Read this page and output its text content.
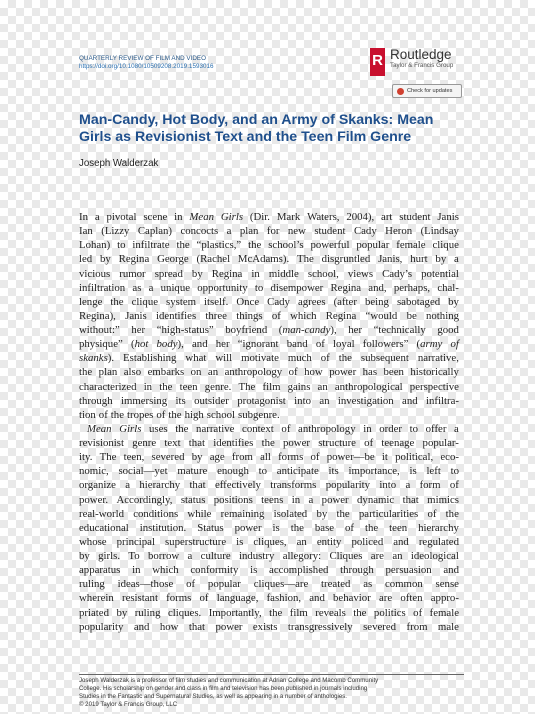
QUARTERLY REVIEW OF FILM AND VIDEO
https://doi.org/10.1080/10509208.2019.1593016	R Routledge
Taylor & Francis Group
Check for updates
Man-Candy, Hot Body, and an Army of Skanks: Mean
Girls as Revisionist Text and the Teen Film Genre
Joseph Walderzak
In a pivotal scene in Mean Girls (Dir. Mark Waters, 2004), art student Janis
Ian (Lizzy Caplan) concocts a plan for new student Cady Heron (Lindsay
Lohan) to infiltrate the “plastics,” the school’s powerful popular female clique
led by Regina George (Rachel McAdams). The disgruntled Janis, hurt by a
vicious rumor spread by Regina in middle school, views Cady’s potential
infiltration as a unique opportunity to disempower Regina and, perhaps, chal-
lenge the clique system itself. Once Cady agrees (after being sabotaged by
Regina), Janis identifies three things of which Regina “would be nothing
without:” her “high-status” boyfriend (man-candy), her “technically good
physique” (hot body), and her “ignorant band of loyal followers” (army of
skanks). Establishing what will motivate much of the subsequent narrative,
the plan also embarks on an anthropology of how power has been historically
characterized in the teen genre. The film gains an anthropological perspective
through immersing its outsider protagonist into an investigation and infiltra-
tion of the tropes of the high school subgenre.
Mean Girls uses the narrative context of anthropology in order to offer a
revisionist genre text that identifies the power structure of teenage popular-
ity. The teen, severed by age from all forms of power—be it political, eco-
nomic, social—yet mature enough to anticipate its importance, is left to
organize a hierarchy that effectively transforms popularity into a form of
power. Accordingly, status positions teens in a power dynamic that mimics
real-world conditions while remaining isolated by the particularities of the
educational institution. Status power is the base of the teen hierarchy
whose principal superstructure is cliques, an entity policed and regulated
by girls. To borrow a culture industry allegory: Cliques are an ideological
apparatus in which conformity is accomplished through persuasion and
ruling ideas—those of popular cliques—are treated as common sense
wherein resistant forms of language, fashion, and behavior are often appro-
priated by ruling cliques. Importantly, the film reveals the politics of female
popularity and how that power exists transgressively severed from male
Joseph Walderzak is a professor of film studies and communication at Adrian College and Macomb Community
College. His scholarship on gender and class in film and television has been published in journals including
Studies in the Fantastic and Supernatural Studies, as well as appearing in a number of anthologies.
© 2019 Taylor & Francis Group, LLC
